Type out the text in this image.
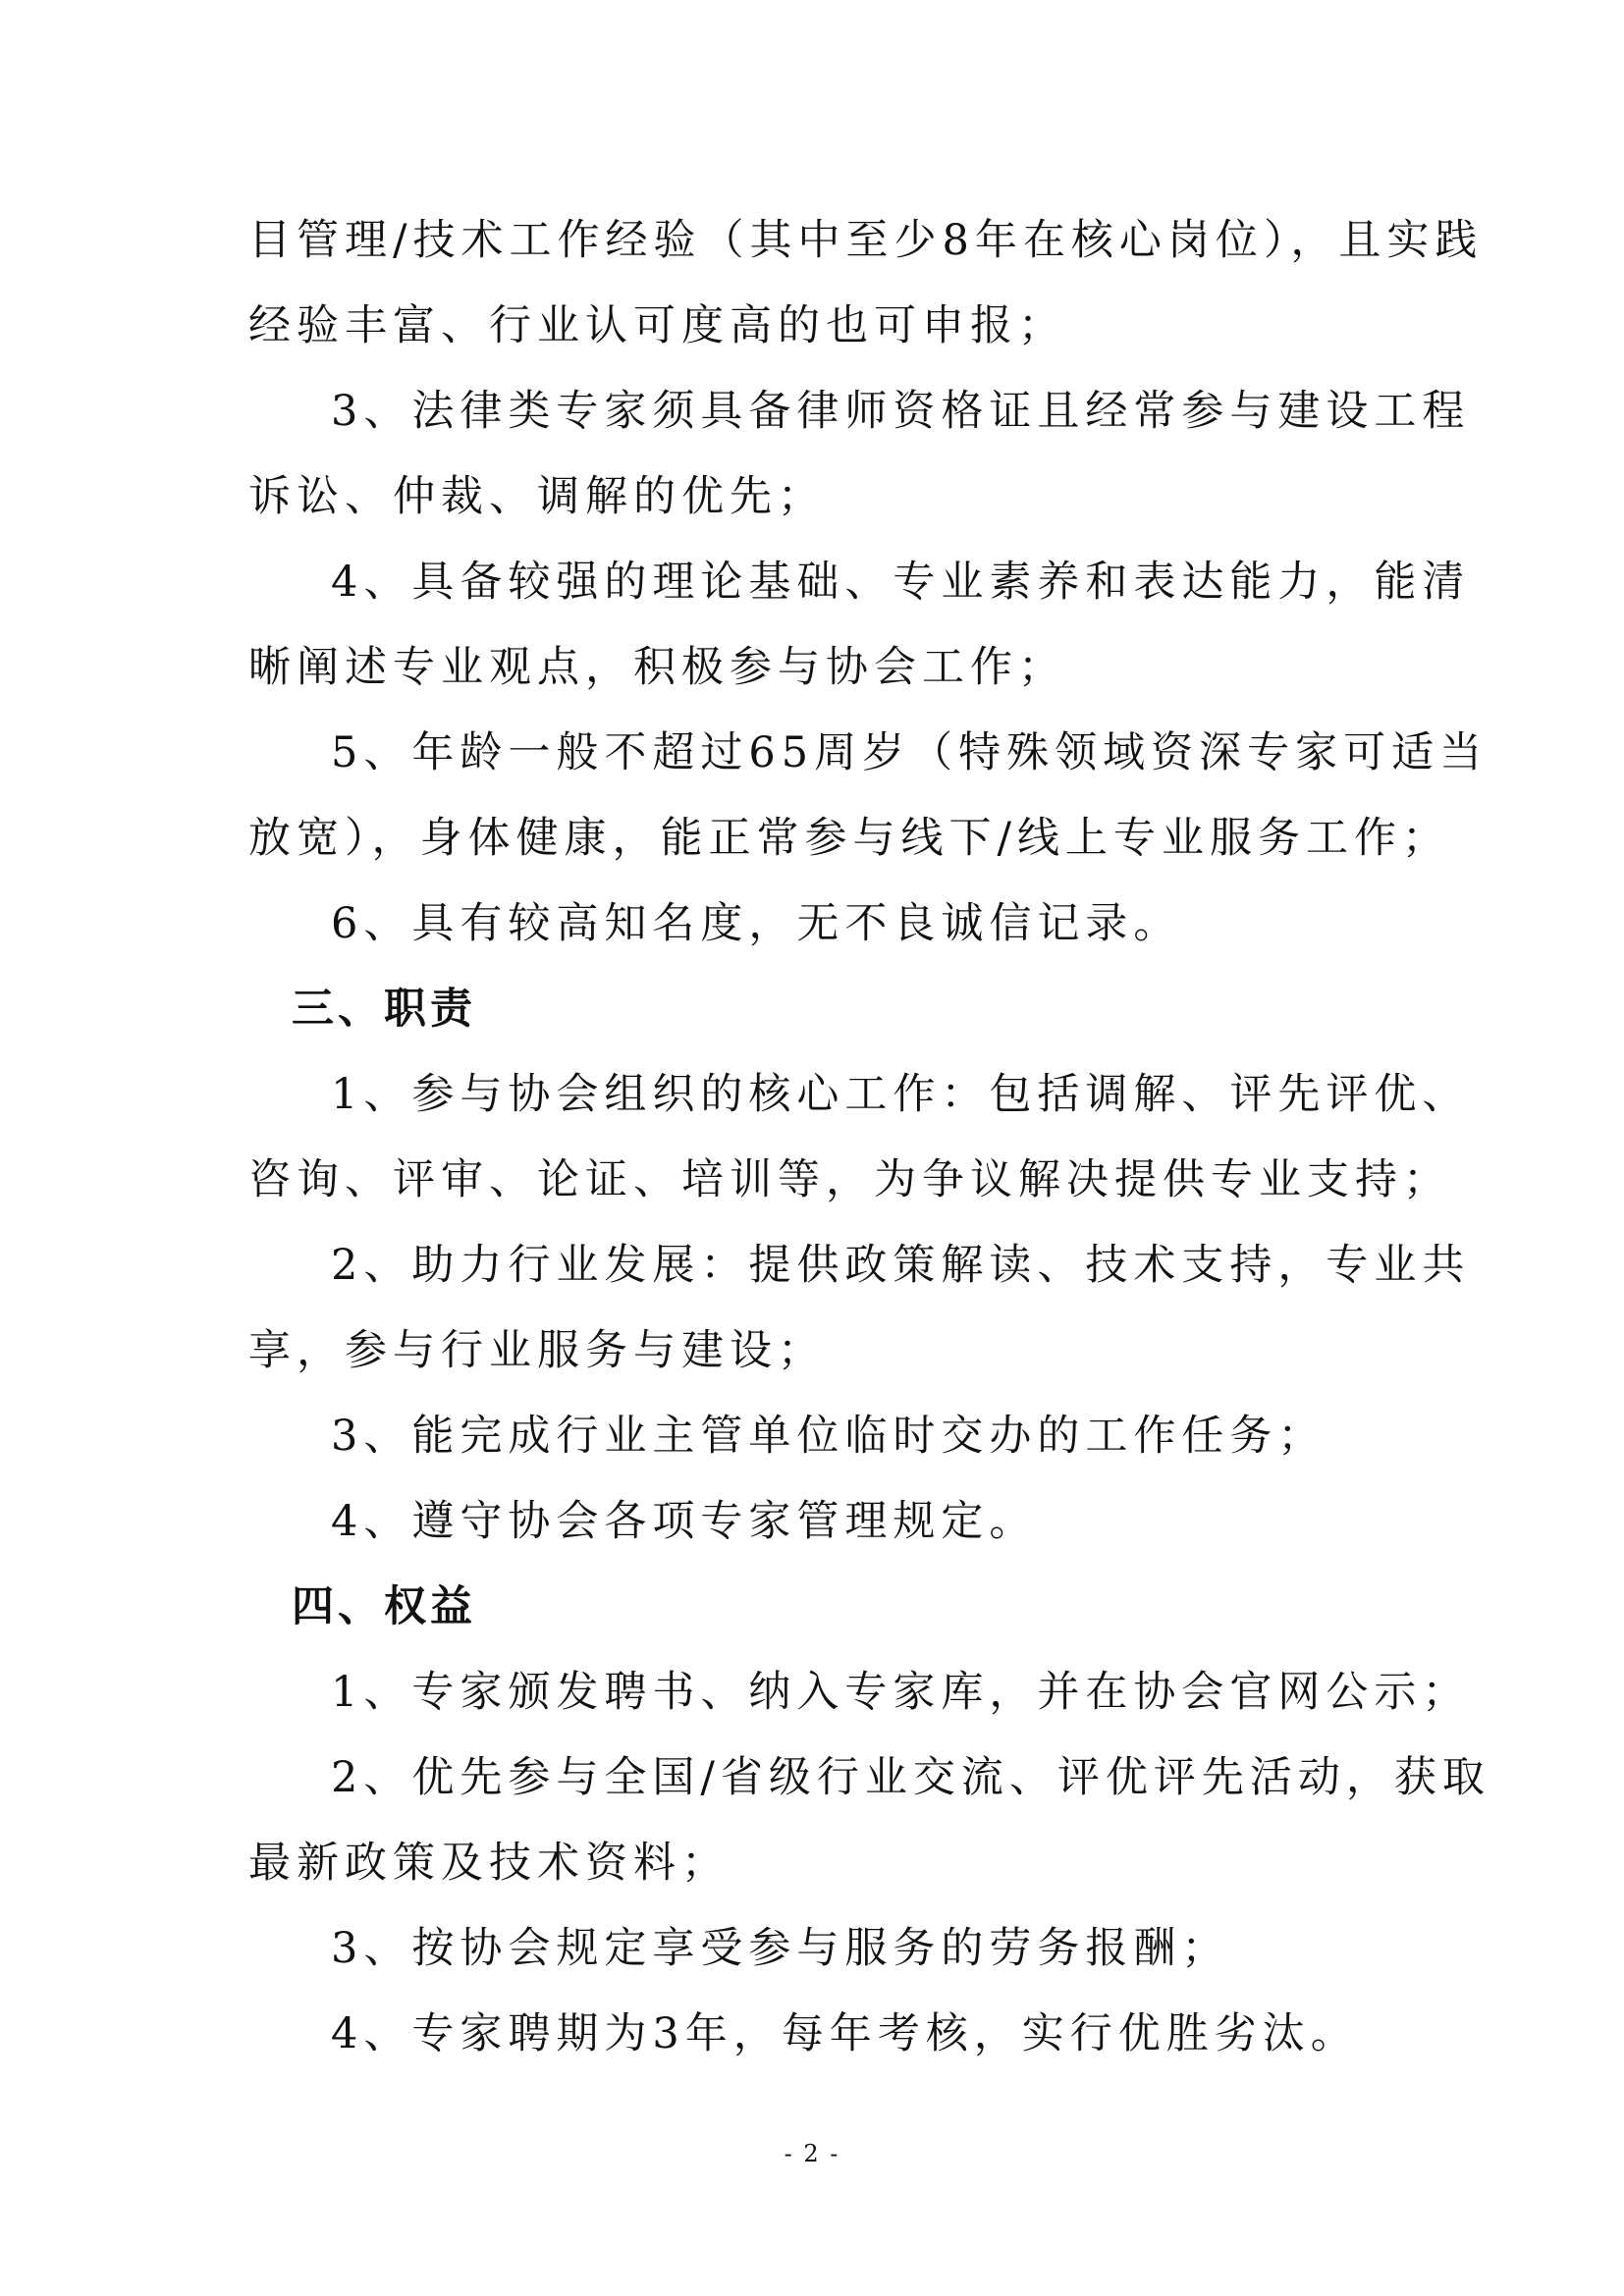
目管理/技术工作经验（其中至少8年在核心岗位），且实践

经验丰富、行业认可度高的也可申报；

3、法律类专家须具备律师资格证且经常参与建设工程

诉讼、仲裁、调解的优先；

4、具备较强的理论基础、专业素养和表达能力，能清

晰阐述专业观点，积极参与协会工作；

5、年龄一般不超过65周岁（特殊领域资深专家可适当

放宽），身体健康，能正常参与线下/线上专业服务工作；

6、具有较高知名度，无不良诚信记录。

三、职责

1、参与协会组织的核心工作：包括调解、评先评优、

咨询、评审、论证、培训等，为争议解决提供专业支持；

2、助力行业发展：提供政策解读、技术支持，专业共

享，参与行业服务与建设；

3、能完成行业主管单位临时交办的工作任务；

4、遵守协会各项专家管理规定。

四、权益

1、专家颁发聘书、纳入专家库，并在协会官网公示；

2、优先参与全国/省级行业交流、评优评先活动，获取

最新政策及技术资料；

3、按协会规定享受参与服务的劳务报酬；

4、专家聘期为3年，每年考核，实行优胜劣汰。

- 2 -
